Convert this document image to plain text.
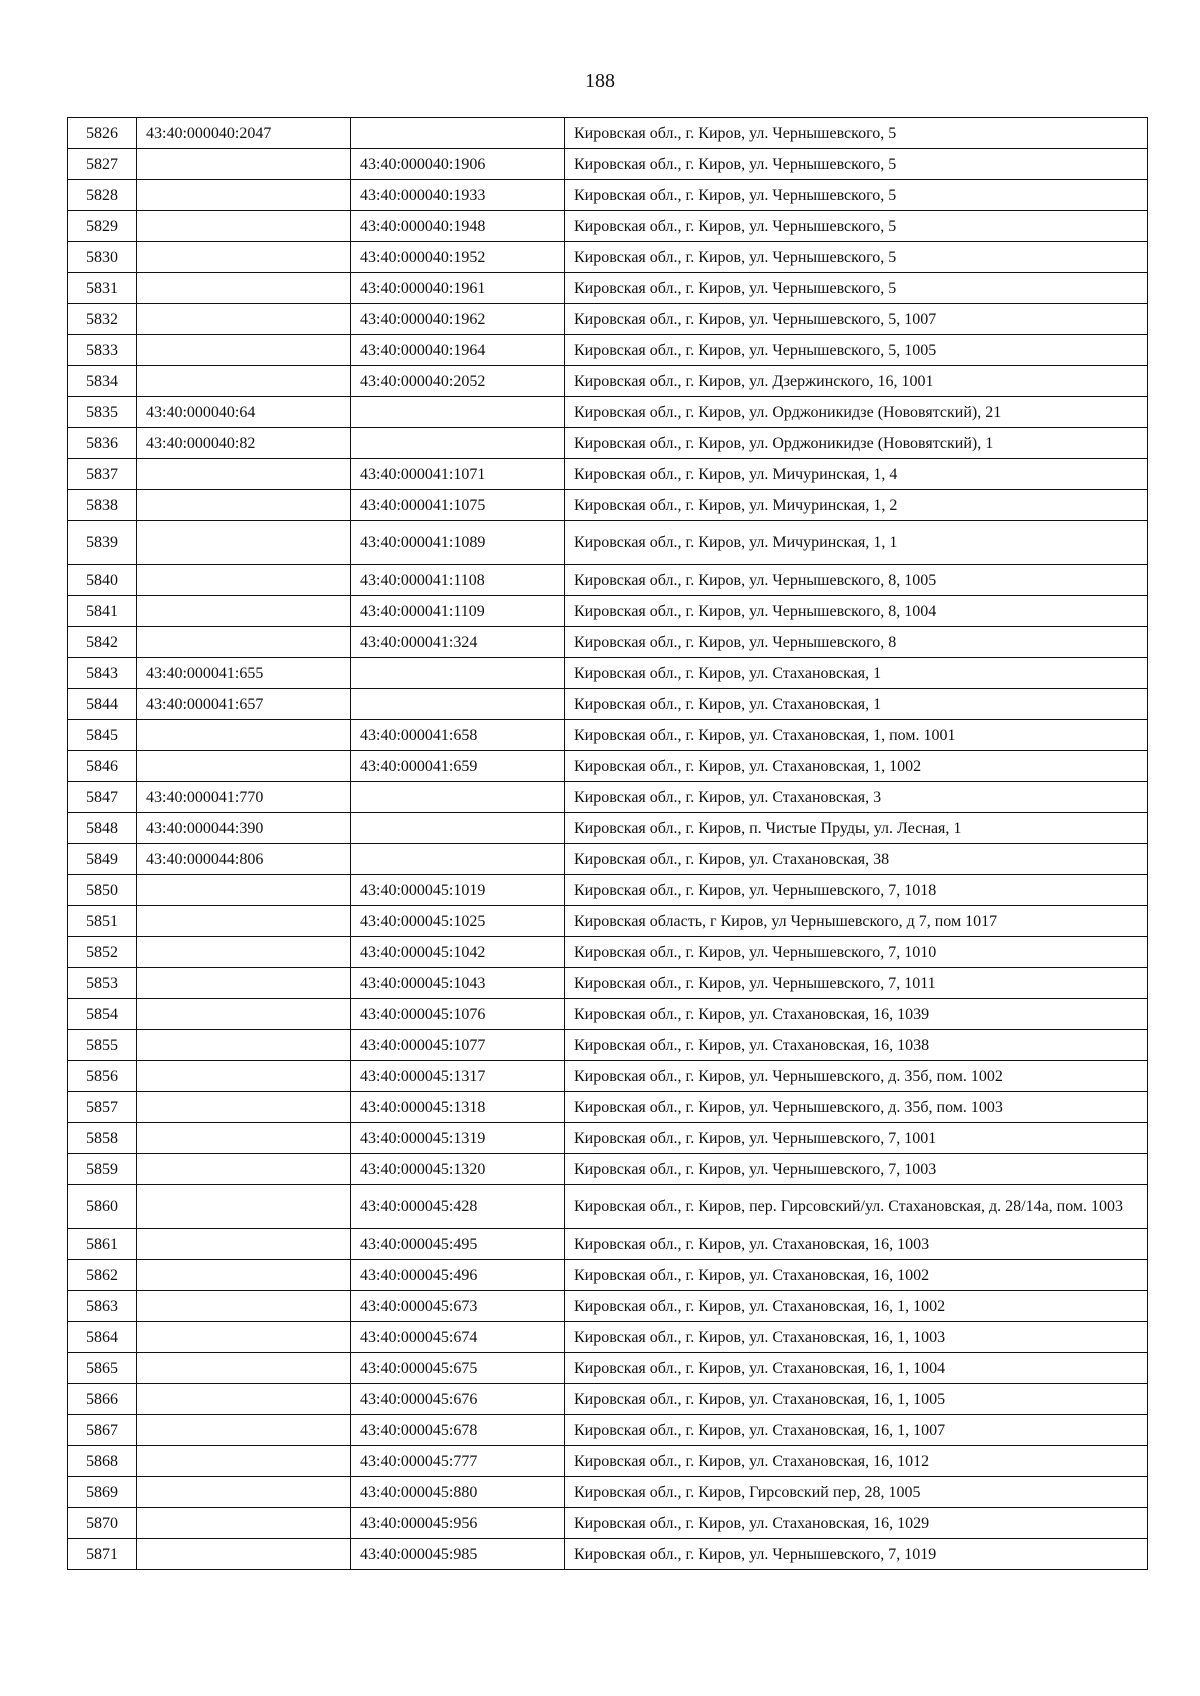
188
5826	43:40:000040:2047		Кировская обл., г. Киров, ул. Чернышевского, 5
5827		43:40:000040:1906	Кировская обл., г. Киров, ул. Чернышевского, 5
5828		43:40:000040:1933	Кировская обл., г. Киров, ул. Чернышевского, 5
5829		43:40:000040:1948	Кировская обл., г. Киров, ул. Чернышевского, 5
5830		43:40:000040:1952	Кировская обл., г. Киров, ул. Чернышевского, 5
5831		43:40:000040:1961	Кировская обл., г. Киров, ул. Чернышевского, 5
5832		43:40:000040:1962	Кировская обл., г. Киров, ул. Чернышевского, 5, 1007
5833		43:40:000040:1964	Кировская обл., г. Киров, ул. Чернышевского, 5, 1005
5834		43:40:000040:2052	Кировская обл., г. Киров, ул. Дзержинского, 16, 1001
5835	43:40:000040:64		Кировская обл., г. Киров, ул. Орджоникидзе (Нововятский), 21
5836	43:40:000040:82		Кировская обл., г. Киров, ул. Орджоникидзе (Нововятский), 1
5837		43:40:000041:1071	Кировская обл., г. Киров, ул. Мичуринская, 1, 4
5838		43:40:000041:1075	Кировская обл., г. Киров, ул. Мичуринская, 1, 2
5839		43:40:000041:1089	Кировская обл., г. Киров, ул. Мичуринская, 1, 1
5840		43:40:000041:1108	Кировская обл., г. Киров, ул. Чернышевского, 8, 1005
5841		43:40:000041:1109	Кировская обл., г. Киров, ул. Чернышевского, 8, 1004
5842		43:40:000041:324	Кировская обл., г. Киров, ул. Чернышевского, 8
5843	43:40:000041:655		Кировская обл., г. Киров, ул. Стахановская, 1
5844	43:40:000041:657		Кировская обл., г. Киров, ул. Стахановская, 1
5845		43:40:000041:658	Кировская обл., г. Киров, ул. Стахановская, 1, пом. 1001
5846		43:40:000041:659	Кировская обл., г. Киров, ул. Стахановская, 1, 1002
5847	43:40:000041:770		Кировская обл., г. Киров, ул. Стахановская, 3
5848	43:40:000044:390		Кировская обл., г. Киров, п. Чистые Пруды, ул. Лесная, 1
5849	43:40:000044:806		Кировская обл., г. Киров, ул. Стахановская, 38
5850		43:40:000045:1019	Кировская обл., г. Киров, ул. Чернышевского, 7, 1018
5851		43:40:000045:1025	Кировская область, г Киров, ул Чернышевского, д 7, пом 1017
5852		43:40:000045:1042	Кировская обл., г. Киров, ул. Чернышевского, 7, 1010
5853		43:40:000045:1043	Кировская обл., г. Киров, ул. Чернышевского, 7, 1011
5854		43:40:000045:1076	Кировская обл., г. Киров, ул. Стахановская, 16, 1039
5855		43:40:000045:1077	Кировская обл., г. Киров, ул. Стахановская, 16, 1038
5856		43:40:000045:1317	Кировская обл., г. Киров, ул. Чернышевского, д. 35б, пом. 1002
5857		43:40:000045:1318	Кировская обл., г. Киров, ул. Чернышевского, д. 35б, пом. 1003
5858		43:40:000045:1319	Кировская обл., г. Киров, ул. Чернышевского, 7, 1001
5859		43:40:000045:1320	Кировская обл., г. Киров, ул. Чернышевского, 7, 1003
5860		43:40:000045:428	Кировская обл., г. Киров, пер. Гирсовский/ул. Стахановская, д. 28/14а, пом. 1003
5861		43:40:000045:495	Кировская обл., г. Киров, ул. Стахановская, 16, 1003
5862		43:40:000045:496	Кировская обл., г. Киров, ул. Стахановская, 16, 1002
5863		43:40:000045:673	Кировская обл., г. Киров, ул. Стахановская, 16, 1, 1002
5864		43:40:000045:674	Кировская обл., г. Киров, ул. Стахановская, 16, 1, 1003
5865		43:40:000045:675	Кировская обл., г. Киров, ул. Стахановская, 16, 1, 1004
5866		43:40:000045:676	Кировская обл., г. Киров, ул. Стахановская, 16, 1, 1005
5867		43:40:000045:678	Кировская обл., г. Киров, ул. Стахановская, 16, 1, 1007
5868		43:40:000045:777	Кировская обл., г. Киров, ул. Стахановская, 16, 1012
5869		43:40:000045:880	Кировская обл., г. Киров, Гирсовский пер, 28, 1005
5870		43:40:000045:956	Кировская обл., г. Киров, ул. Стахановская, 16, 1029
5871		43:40:000045:985	Кировская обл., г. Киров, ул. Чернышевского, 7, 1019
